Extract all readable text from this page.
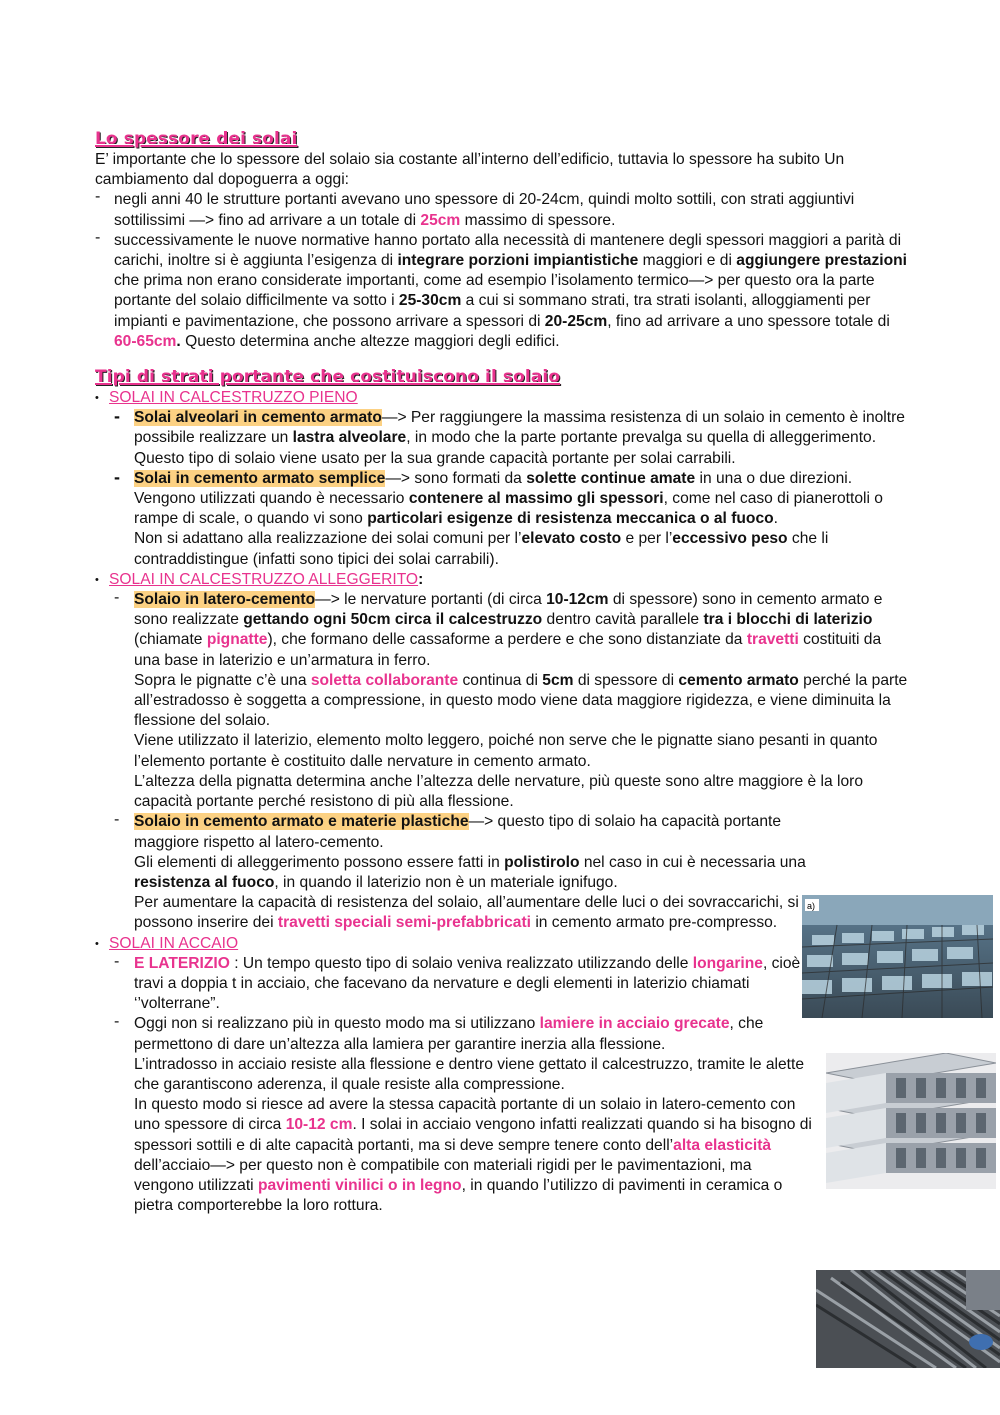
Lo spessore dei solai

E’ importante che lo spessore del solaio sia costante all’interno dell’edificio, tuttavia lo spessore ha subito Un cambiamento dal dopoguerra a oggi:

- negli anni 40 le strutture portanti avevano uno spessore di 20-24cm, quindi molto sottili, con strati aggiuntivi sottilissimi —> fino ad arrivare a un totale di 25cm massimo di spessore.
- successivamente le nuove normative hanno portato alla necessità di mantenere degli spessori maggiori a parità di carichi, inoltre si è aggiunta l’esigenza di integrare porzioni impiantistiche maggiori e di aggiungere prestazioni che prima non erano considerate importanti, come ad esempio l’isolamento termico—> per questo ora la parte portante del solaio difficilmente va sotto i 25-30cm a cui si sommano strati, tra strati isolanti, alloggiamenti per impianti e pavimentazione, che possono arrivare a spessori di 20-25cm, fino ad arrivare a uno spessore totale di 60-65cm. Questo determina anche altezze maggiori degli edifici.
Tipi di strati portante che costituiscono il solaio
• SOLAI IN CALCESTRUZZO PIENO
- Solai alveolari in cemento armato—> Per raggiungere la massima resistenza di un solaio in cemento è inoltre possibile realizzare un lastra alveolare, in modo che la parte portante prevalga su quella di alleggerimento. Questo tipo di solaio viene usato per la sua grande capacità portante per solai carrabili.
- Solai in cemento armato semplice—> sono formati da solette continue amate in una o due direzioni. Vengono utilizzati quando è necessario contenere al massimo gli spessori, come nel caso di pianerottoli o rampe di scale, o quando vi sono particolari esigenze di resistenza meccanica o al fuoco.

Non si adattano alla realizzazione dei solai comuni per l’elevato costo e per l’eccessivo peso che li contraddistingue (infatti sono tipici dei solai carrabili).

• SOLAI IN CALCESTRUZZO ALLEGGERITO:
- Solaio in latero-cemento—> le nervature portanti (di circa 10-12cm di spessore) sono in cemento armato e sono realizzate gettando ogni 50cm circa il calcestruzzo dentro cavità parallele tra i blocchi di laterizio (chiamate pignatte), che formano delle cassaforme a perdere e che sono distanziate da travetti costituiti da una base in laterizio e un’armatura in ferro.

Sopra le pignatte c’è una soletta collaborante continua di 5cm di spessore di cemento armato perché la parte all’estradosso è soggetta a compressione, in questo modo viene data maggiore rigidezza, e viene diminuita la flessione del solaio.

Viene utilizzato il laterizio, elemento molto leggero, poiché non serve che le pignatte siano pesanti in quanto l’elemento portante è costituito dalle nervature in cemento armato.

L’altezza della pignatta determina anche l’altezza delle nervature, più queste sono altre maggiore è la loro capacità portante perché resistono di più alla flessione.

- Solaio in cemento armato e materie plastiche—> questo tipo di solaio ha capacità portante maggiore rispetto al latero-cemento.

Gli elementi di alleggerimento possono essere fatti in polistirolo nel caso in cui è necessaria una resistenza al fuoco, in quando il laterizio non è un materiale ignifugo.

Per aumentare la capacità di resistenza del solaio, all’aumentare delle luci o dei sovraccarichi, si possono inserire dei travetti speciali semi-prefabbricati in cemento armato pre-compresso.

• SOLAI IN ACCAIO
- E LATERIZIO : Un tempo questo tipo di solaio veniva realizzato utilizzando delle longarine, cioè travi a doppia t in acciaio, che facevano da nervature e degli elementi in laterizio chiamati ‘’volterrane”.
- Oggi non si realizzano più in questo modo ma si utilizzano lamiere in acciaio grecate, che permettono di dare un’altezza alla lamiera per garantire inerzia alla flessione.

L’intradosso in acciaio resiste alla flessione e dentro viene gettato il calcestruzzo, tramite le alette che garantiscono aderenza, il quale resiste alla compressione.

In questo modo si riesce ad avere la stessa capacità portante di un solaio in latero-cemento con uno spessore di circa 10-12 cm. I solai in acciaio vengono infatti realizzati quando si ha bisogno di spessori sottili e di alte capacità portanti, ma si deve sempre tenere conto dell’alta elasticità dell’acciaio—> per questo non è compatibile con materiali rigidi per le pavimentazioni, ma vengono utilizzati pavimenti vinilici o in legno, in quando l’utilizzo di pavimenti in ceramica o pietra comporterebbe la loro rottura.

a)
